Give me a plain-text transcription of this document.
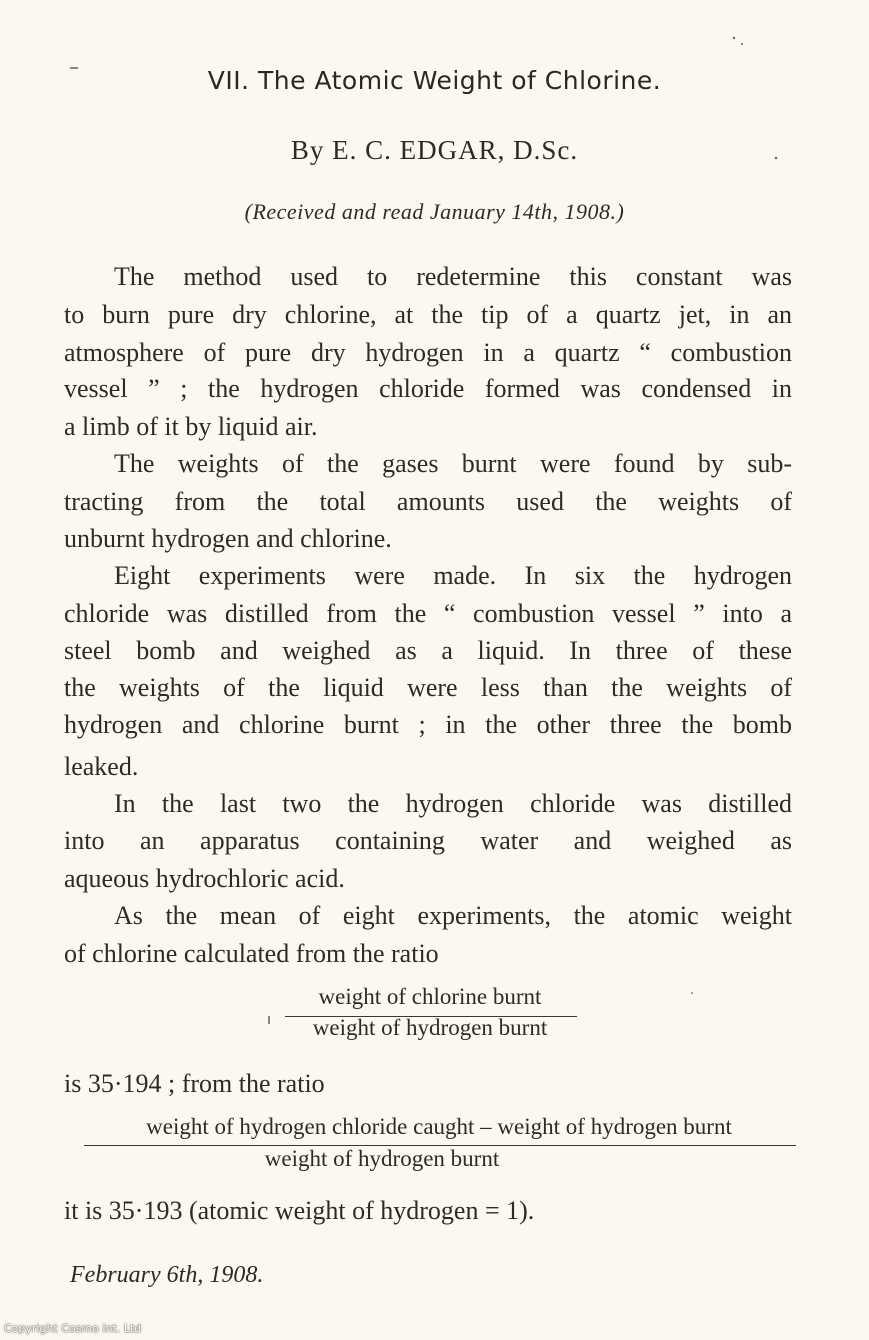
VII. The Atomic Weight of Chlorine.
By E. C. EDGAR, D.Sc.
(Received and read January 14th, 1908.)
The method used to redetermine this constant was
to burn pure dry chlorine, at the tip of a quartz jet, in an
atmosphere of pure dry hydrogen in a quartz “ combustion
vessel ” ; the hydrogen chloride formed was condensed in
a limb of it by liquid air.
The weights of the gases burnt were found by sub-
tracting from the total amounts used the weights of
unburnt hydrogen and chlorine.
Eight experiments were made. In six the hydrogen
chloride was distilled from the “ combustion vessel ” into a
steel bomb and weighed as a liquid. In three of these
the weights of the liquid were less than the weights of
hydrogen and chlorine burnt ; in the other three the bomb
leaked.
In the last two the hydrogen chloride was distilled
into an apparatus containing water and weighed as
aqueous hydrochloric acid.
As the mean of eight experiments, the atomic weight
of chlorine calculated from the ratio
weight of chlorine burnt
weight of hydrogen burnt
is 35·194 ; from the ratio
weight of hydrogen chloride caught – weight of hydrogen burnt
weight of hydrogen burnt
it is 35·193 (atomic weight of hydrogen = 1).
February 6th, 1908.
Copyright Cosmo Int. Ltd
